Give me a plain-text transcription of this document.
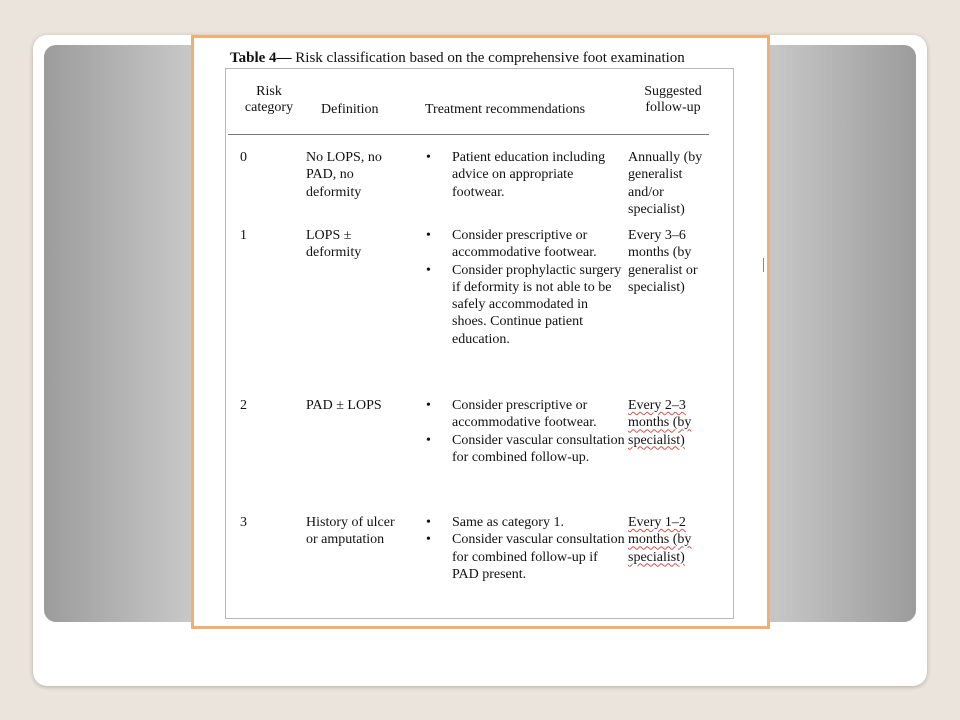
Table 4— Risk classification based on the comprehensive foot examination
Risk category	Definition	Treatment recommendations
Suggested follow-up
0	No LOPS, no PAD, no deformity
• Patient education including advice on appropriate footwear.
Annually (by generalist and/or specialist)
1	LOPS ± deformity
• Consider prescriptive or accommodative footwear.
• Consider prophylactic surgery if deformity is not able to be safely accommodated in shoes. Continue patient education.
Every 3–6 months (by generalist or specialist)
2	PAD ± LOPS
•	Consider prescriptive or accommodative footwear.
• Consider vascular consultation for combined follow-up.
Every 2–3 months (by specialist)
3	History of ulcer or amputation
• Same as category 1.
• Consider vascular consultation for combined follow-up if PAD present.
Every 1–2 months (by specialist)
